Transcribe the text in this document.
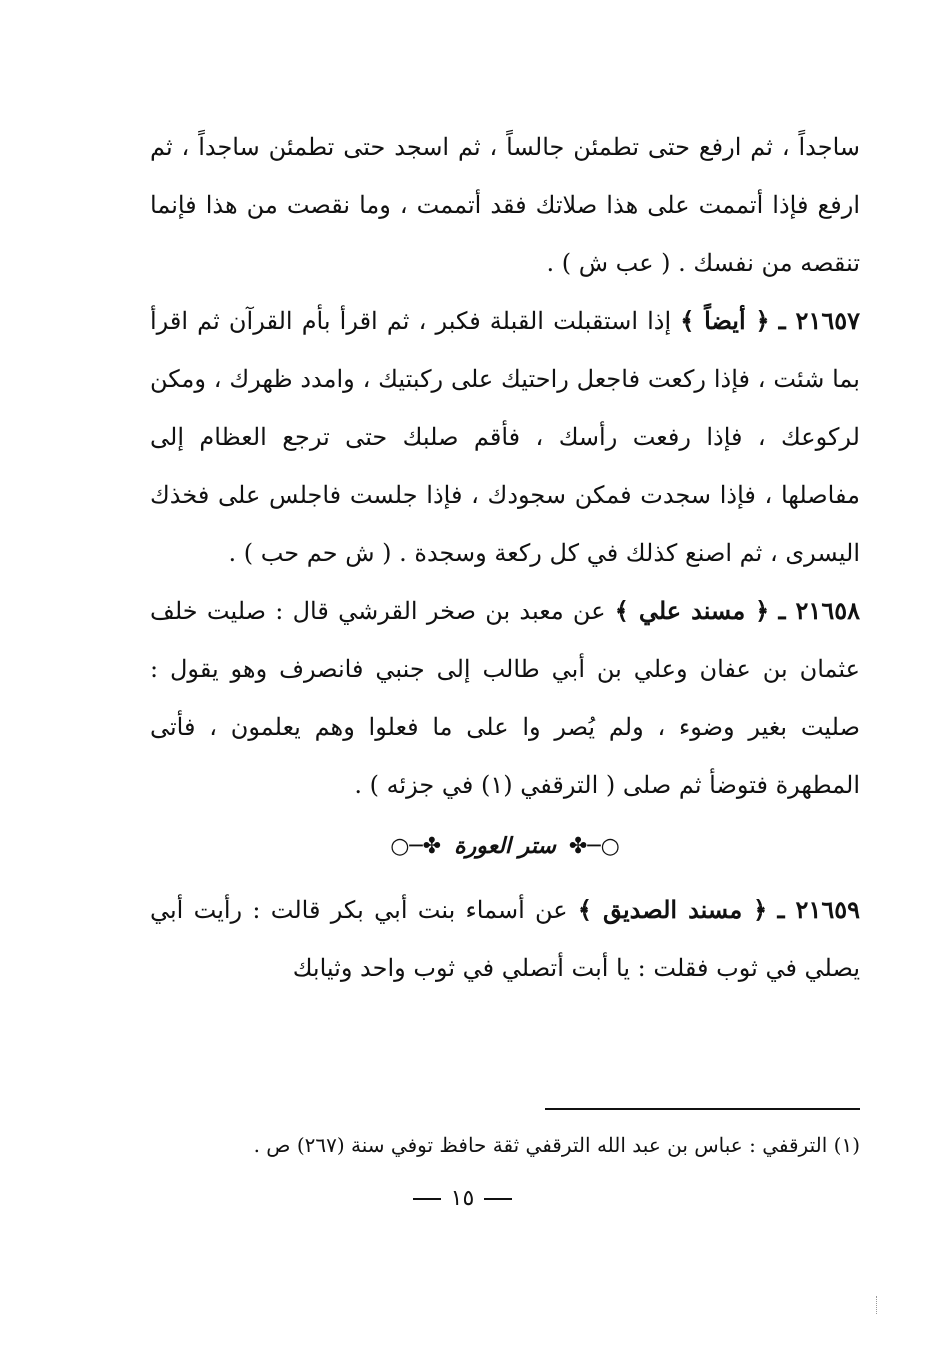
ساجداً ، ثم ارفع حتى تطمئن جالساً ، ثم اسجد حتى تطمئن ساجداً ، ثم ارفع فإذا أتممت على هذا صلاتك فقد أتممت ، وما نقصت من هذا فإنما تنقصه من نفسك . ( عب ش ) .

٢١٦٥٧ ـ ﴿ أيضاً ﴾ إذا استقبلت القبلة فكبر ، ثم اقرأ بأم القرآن ثم اقرأ بما شئت ، فإذا ركعت فاجعل راحتيك على ركبتيك ، وامدد ظهرك ، ومكن لركوعك ، فإذا رفعت رأسك ، فأقم صلبك حتى ترجع العظام إلى مفاصلها ، فإذا سجدت فمكن سجودك ، فإذا جلست فاجلس على فخذك اليسرى ، ثم اصنع كذلك في كل ركعة وسجدة . ( ش حم حب ) .

٢١٦٥٨ ـ ﴿ مسند علي ﴾ عن معبد بن صخر القرشي قال : صليت خلف عثمان بن عفان وعلي بن أبي طالب إلى جنبي فانصرف وهو يقول : صليت بغير وضوء ، ولم يُصر وا على ما فعلوا وهم يعلمون ، فأتى المطهرة فتوضأ ثم صلى ( الترقفي (١) في جزئه ) .

○─✤ ستر العورة ✤─○

٢١٦٥٩ ـ ﴿ مسند الصديق ﴾ عن أسماء بنت أبي بكر قالت : رأيت أبي يصلي في ثوب فقلت : يا أبت أتصلي في ثوب واحد وثيابك

(١) الترقفي : عباس بن عبد الله الترقفي ثقة حافظ توفي سنة (٢٦٧) ص .
١٥
